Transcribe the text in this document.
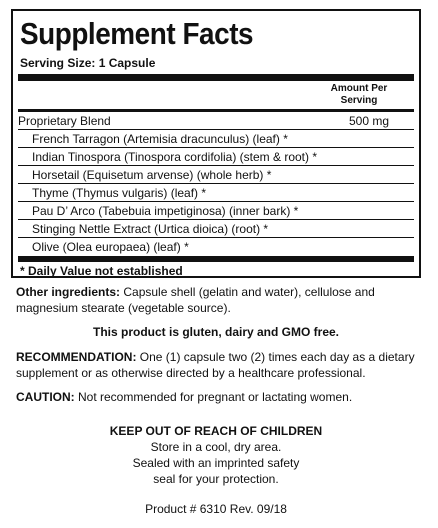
Supplement Facts
Serving Size: 1 Capsule
Amount Per Serving
Proprietary Blend	500 mg
French Tarragon (Artemisia dracunculus) (leaf) *
Indian Tinospora (Tinospora cordifolia) (stem & root) *
Horsetail (Equisetum arvense) (whole herb) *
Thyme (Thymus vulgaris) (leaf) *
Pau D’ Arco (Tabebuia impetiginosa) (inner bark) *
Stinging Nettle Extract (Urtica dioica) (root) *
Olive (Olea europaea) (leaf) *
* Daily Value not established
Other ingredients: Capsule shell (gelatin and water), cellulose and magnesium stearate (vegetable source).
This product is gluten, dairy and GMO free.
RECOMMENDATION: One (1) capsule two (2) times each day as a dietary supplement or as otherwise directed by a healthcare professional.
CAUTION: Not recommended for pregnant or lactating women.
KEEP OUT OF REACH OF CHILDREN
Store in a cool, dry area.
Sealed with an imprinted safety
seal for your protection.
Product # 6310 Rev. 09/18
